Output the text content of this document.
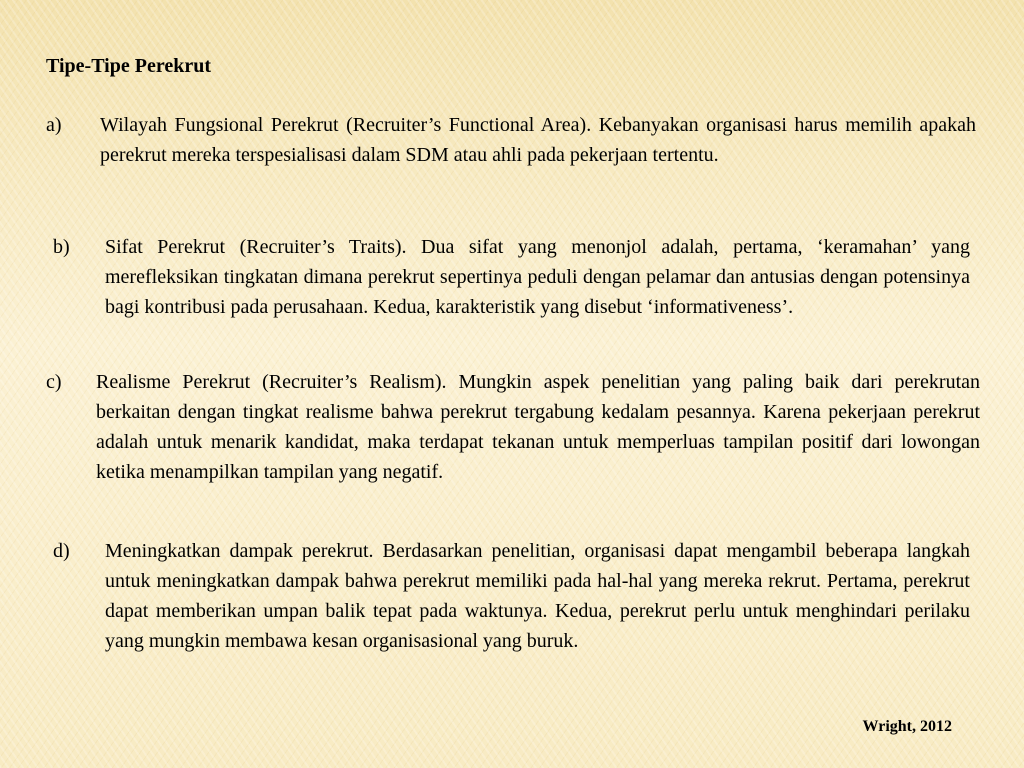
Tipe-Tipe Perekrut
a)	Wilayah Fungsional Perekrut (Recruiter’s Functional Area). Kebanyakan organisasi harus memilih apakah perekrut mereka terspesialisasi dalam SDM atau ahli pada pekerjaan tertentu.
b)	Sifat Perekrut (Recruiter’s Traits). Dua sifat yang menonjol adalah, pertama, ‘keramahan’ yang merefleksikan tingkatan dimana perekrut sepertinya peduli dengan pelamar dan antusias dengan potensinya bagi kontribusi pada perusahaan. Kedua, karakteristik yang disebut ‘informativeness’.
c)	Realisme Perekrut (Recruiter’s Realism). Mungkin aspek penelitian yang paling baik dari perekrutan berkaitan dengan tingkat realisme bahwa perekrut tergabung kedalam pesannya. Karena pekerjaan perekrut adalah untuk menarik kandidat, maka terdapat tekanan untuk memperluas tampilan positif dari lowongan ketika menampilkan tampilan yang negatif.
d)	Meningkatkan dampak perekrut. Berdasarkan penelitian, organisasi dapat mengambil beberapa langkah untuk meningkatkan dampak bahwa perekrut memiliki pada hal-hal yang mereka rekrut. Pertama, perekrut dapat memberikan umpan balik tepat pada waktunya. Kedua, perekrut perlu untuk menghindari perilaku yang mungkin membawa kesan organisasional yang buruk.
Wright, 2012
